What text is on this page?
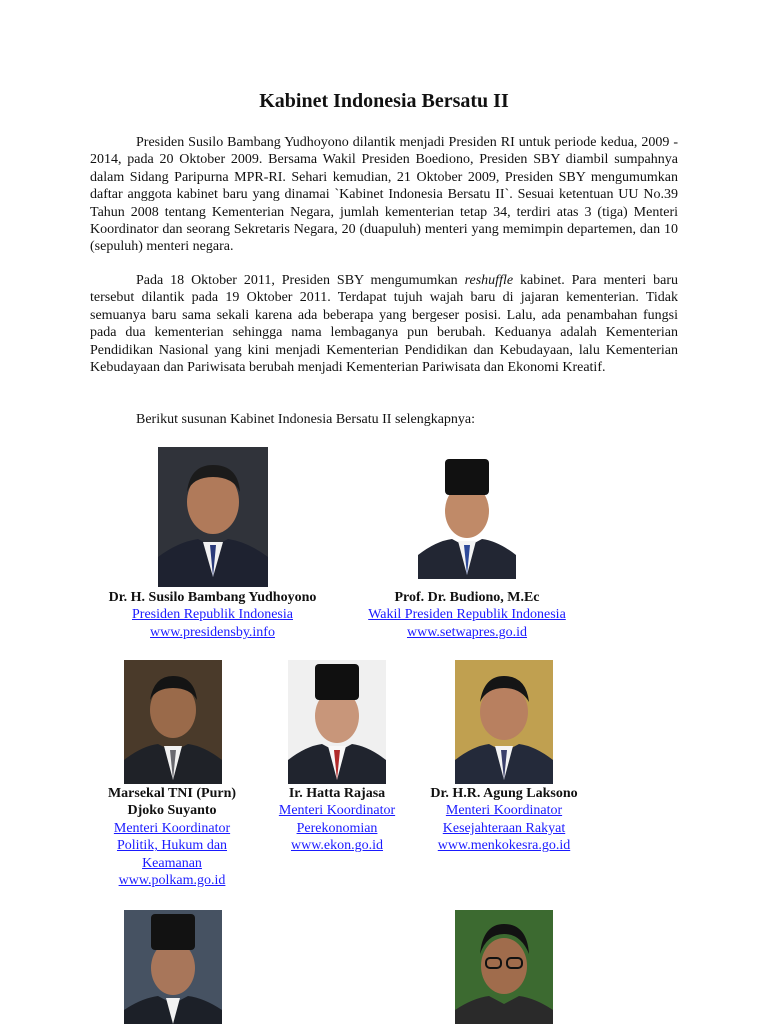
Kabinet Indonesia Bersatu II

Presiden Susilo Bambang Yudhoyono dilantik menjadi Presiden RI untuk periode kedua, 2009 - 2014, pada 20 Oktober 2009. Bersama Wakil Presiden Boediono, Presiden SBY diambil sumpahnya dalam Sidang Paripurna MPR-RI. Sehari kemudian, 21 Oktober 2009, Presiden SBY mengumumkan daftar anggota kabinet baru yang dinamai `Kabinet Indonesia Bersatu II`. Sesuai ketentuan UU No.39 Tahun 2008 tentang Kementerian Negara, jumlah kementerian tetap 34, terdiri atas 3 (tiga) Menteri Koordinator dan seorang Sekretaris Negara, 20 (duapuluh) menteri yang memimpin departemen, dan 10 (sepuluh) menteri negara.

Pada 18 Oktober 2011, Presiden SBY mengumumkan reshuffle kabinet. Para menteri baru tersebut dilantik pada 19 Oktober 2011. Terdapat tujuh wajah baru di jajaran kementerian. Tidak semuanya baru sama sekali karena ada beberapa yang bergeser posisi. Lalu, ada penambahan fungsi pada dua kementerian sehingga nama lembaganya pun berubah. Keduanya adalah Kementerian Pendidikan Nasional yang kini menjadi Kementerian Pendidikan dan Kebudayaan, lalu Kementerian Kebudayaan dan Pariwisata berubah menjadi Kementerian Pariwisata dan Ekonomi Kreatif.

Berikut susunan Kabinet Indonesia Bersatu II selengkapnya:

Dr. H. Susilo Bambang Yudhoyono
Presiden Republik Indonesia
www.presidensby.info
Prof. Dr. Budiono, M.Ec
Wakil Presiden Republik Indonesia
www.setwapres.go.id
Marsekal TNI (Purn)
Djoko Suyanto
Menteri Koordinator
Politik, Hukum dan
Keamanan
www.polkam.go.id
Ir. Hatta Rajasa
Menteri Koordinator
Perekonomian
www.ekon.go.id
Dr. H.R. Agung Laksono
Menteri Koordinator
Kesejahteraan Rakyat
www.menkokesra.go.id
